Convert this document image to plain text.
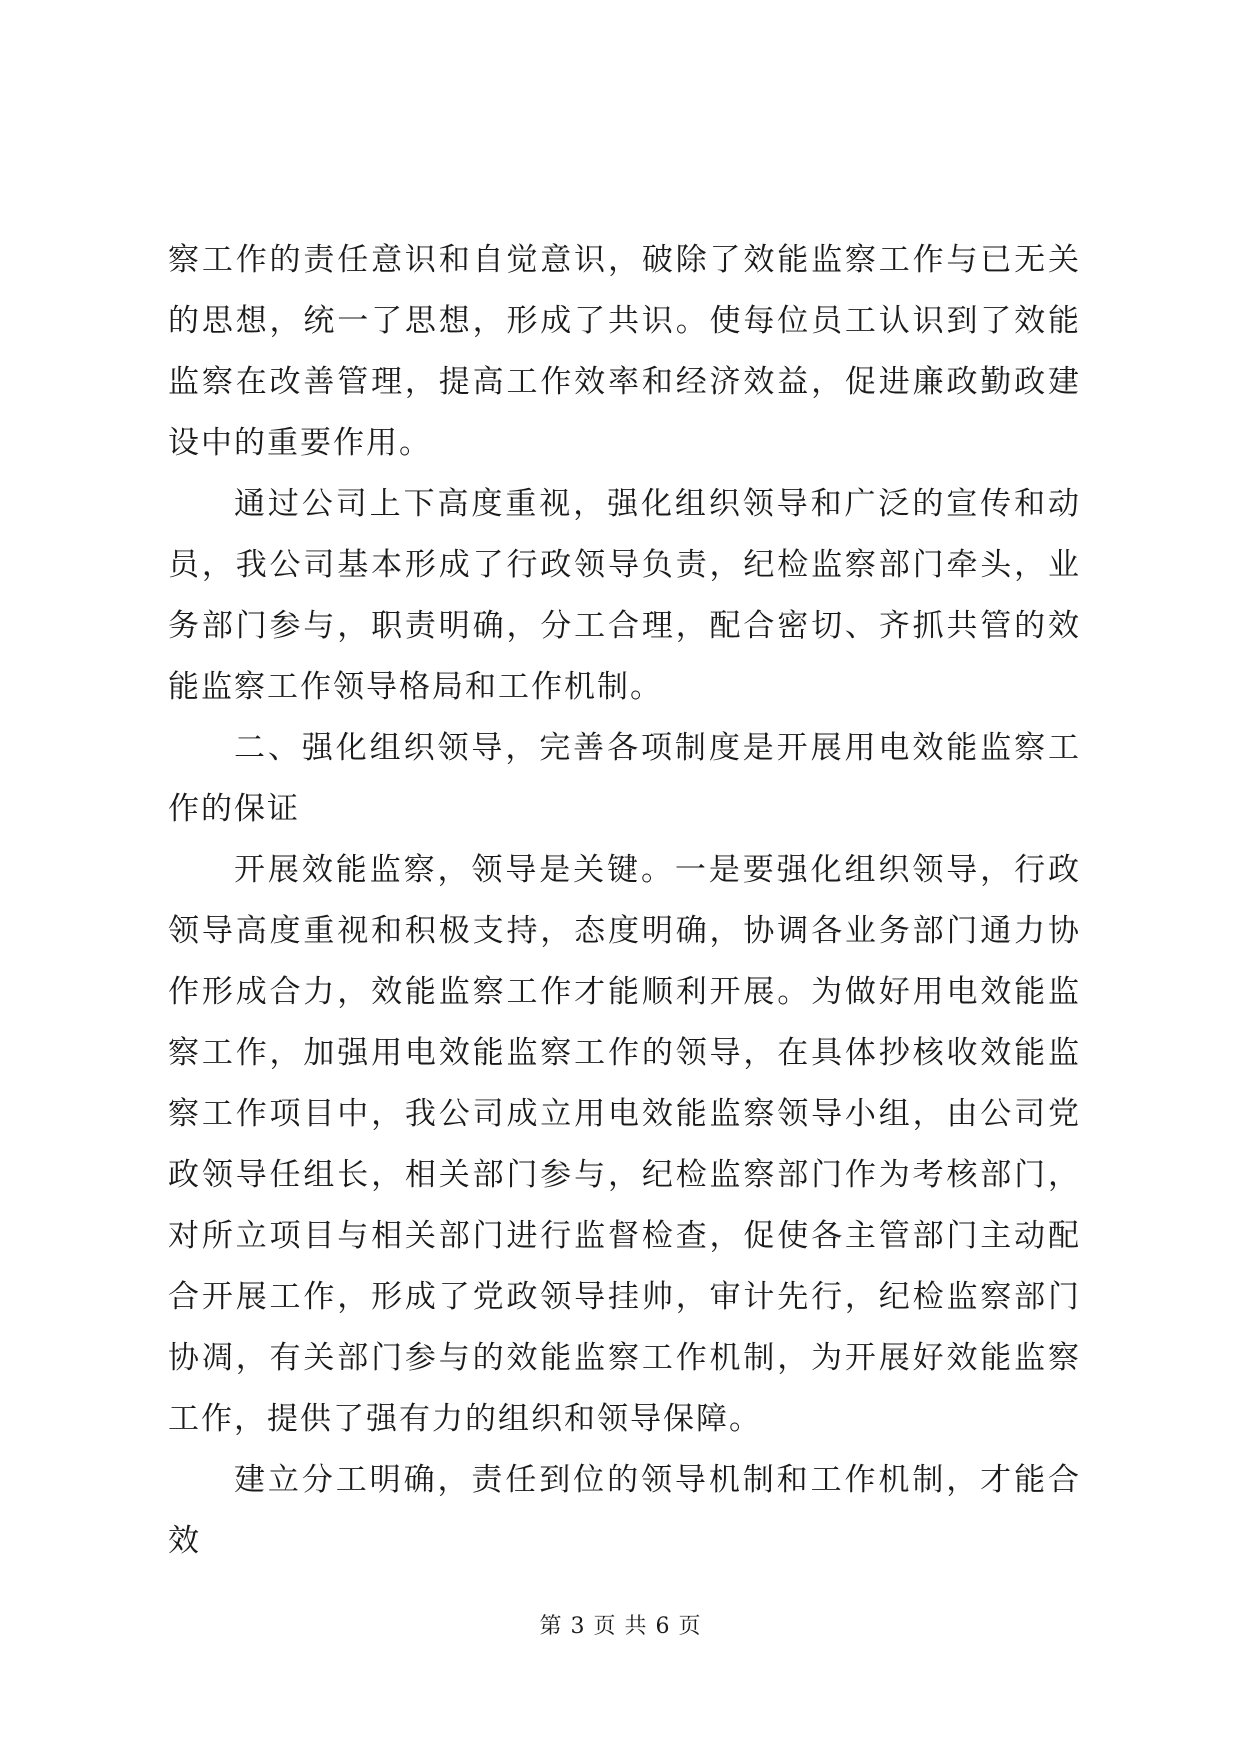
察工作的责任意识和自觉意识，破除了效能监察工作与已无关的思想，统一了思想，形成了共识。使每位员工认识到了效能监察在改善管理，提高工作效率和经济效益，促进廉政勤政建设中的重要作用。

通过公司上下高度重视，强化组织领导和广泛的宣传和动员，我公司基本形成了行政领导负责，纪检监察部门牵头，业务部门参与，职责明确，分工合理，配合密切、齐抓共管的效能监察工作领导格局和工作机制。

二、强化组织领导，完善各项制度是开展用电效能监察工作的保证

开展效能监察，领导是关键。一是要强化组织领导，行政领导高度重视和积极支持，态度明确，协调各业务部门通力协作形成合力，效能监察工作才能顺利开展。为做好用电效能监察工作，加强用电效能监察工作的领导，在具体抄核收效能监察工作项目中，我公司成立用电效能监察领导小组，由公司党政领导任组长，相关部门参与，纪检监察部门作为考核部门，对所立项目与相关部门进行监督检查，促使各主管部门主动配合开展工作，形成了党政领导挂帅，审计先行，纪检监察部门协凋，有关部门参与的效能监察工作机制，为开展好效能监察工作，提供了强有力的组织和领导保障。

建立分工明确，责任到位的领导机制和工作机制，才能合效

第 3 页 共 6 页
